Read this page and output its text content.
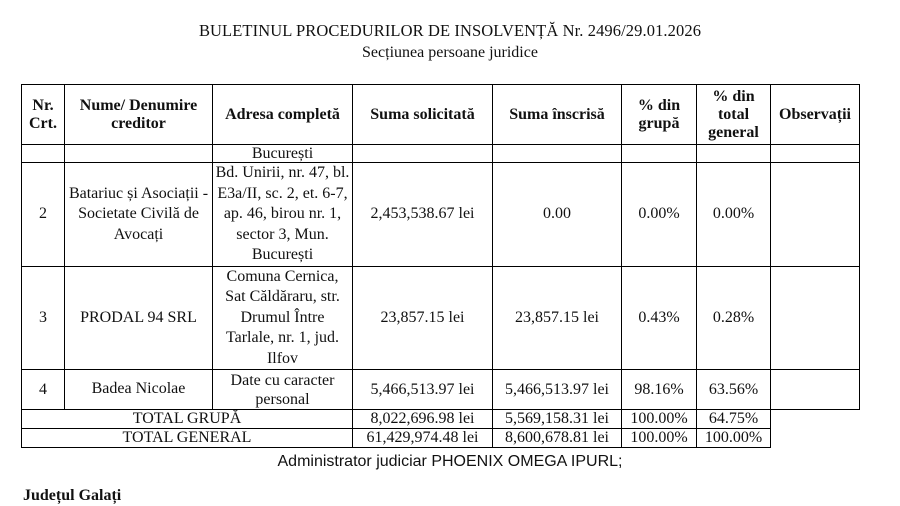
BULETINUL PROCEDURILOR DE INSOLVENȚĂ Nr. 2496/29.01.2026
Secțiunea persoane juridice
Nr. Crt.	Nume/ Denumire creditor	Adresa completă	Suma solicitată	Suma înscrisă	% din grupă	% din total general	Observații
		București					
2	Batariuc și Asociații - Societate Civilă de Avocați	Bd. Unirii, nr. 47, bl. E3a/II, sc. 2, et. 6-7, ap. 46, birou nr. 1, sector 3, Mun. București	2,453,538.67 lei	0.00	0.00%	0.00%	
3	PRODAL 94 SRL	Comuna Cernica, Sat Căldăraru, str. Drumul Între Tarlale, nr. 1, jud. Ilfov	23,857.15 lei	23,857.15 lei	0.43%	0.28%	
4	Badea Nicolae	Date cu caracter personal	5,466,513.97 lei	5,466,513.97 lei	98.16%	63.56%	
TOTAL GRUPĂ			8,022,696.98 lei	5,569,158.31 lei	100.00%	64.75%	
TOTAL GENERAL			61,429,974.48 lei	8,600,678.81 lei	100.00%	100.00%	
Administrator judiciar PHOENIX OMEGA IPURL;
Județul Galați
